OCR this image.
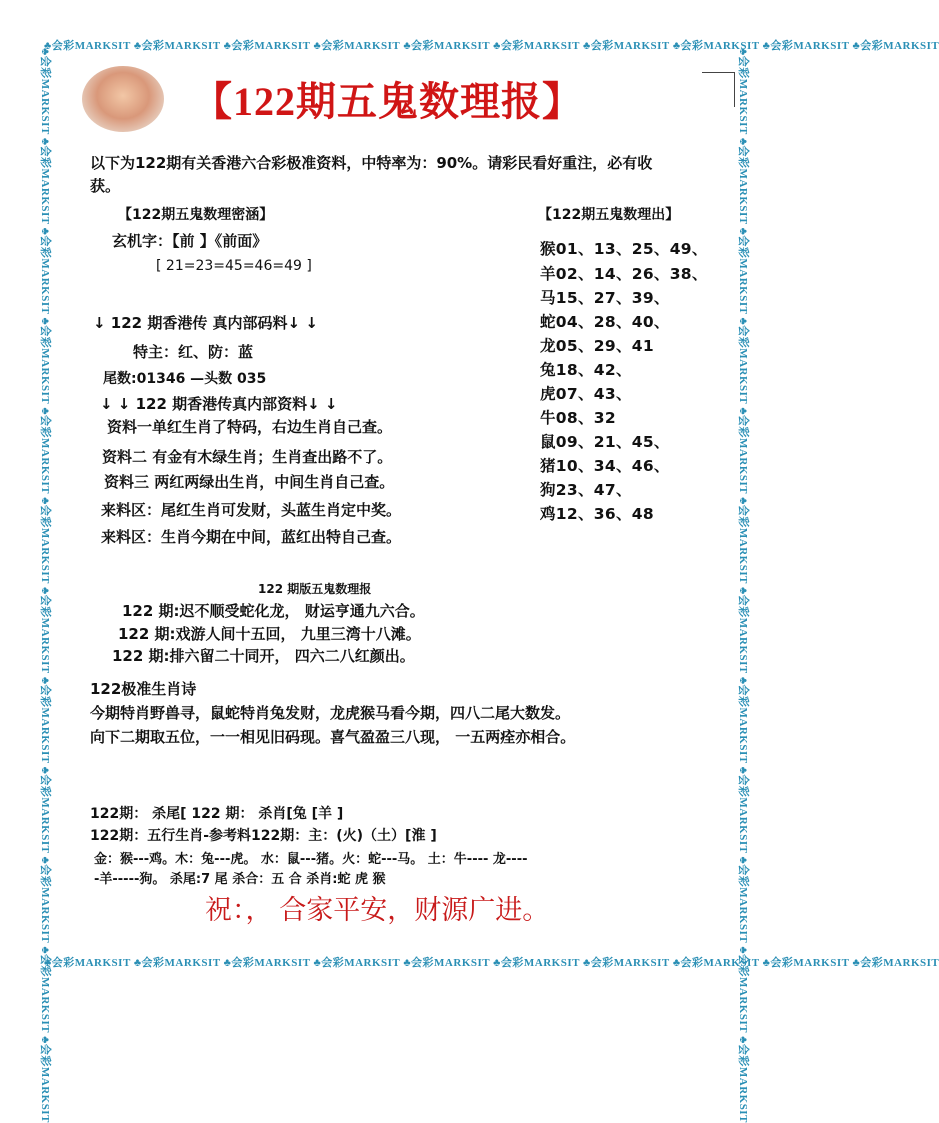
♣会彩MARKSIT ♣会彩MARKSIT ♣会彩MARKSIT ♣会彩MARKSIT ♣会彩MARKSIT ♣会彩MARKSIT ♣会彩MARKSIT ♣会彩MARKSIT ♣会彩MARKSIT ♣会彩MARKSIT
♣会彩MARKSIT ♣会彩MARKSIT ♣会彩MARKSIT ♣会彩MARKSIT ♣会彩MARKSIT ♣会彩MARKSIT ♣会彩MARKSIT ♣会彩MARKSIT ♣会彩MARKSIT ♣会彩MARKSIT
♣会彩MARKSIT ♣会彩MARKSIT ♣会彩MARKSIT ♣会彩MARKSIT ♣会彩MARKSIT ♣会彩MARKSIT ♣会彩MARKSIT ♣会彩MARKSIT ♣会彩MARKSIT ♣会彩MARKSIT ♣会彩MARKSIT ♣会彩MARKSIT	♣会彩MARKSIT ♣会彩MARKSIT ♣会彩MARKSIT ♣会彩MARKSIT ♣会彩MARKSIT ♣会彩MARKSIT ♣会彩MARKSIT ♣会彩MARKSIT ♣会彩MARKSIT ♣会彩MARKSIT ♣会彩MARKSIT ♣会彩MARKSIT
【122期五鬼数理报】
以下为122期有关香港六合彩极准资料，中特率为：90%。请彩民看好重注，必有收
获。
【122期五鬼数理密涵】
玄机字：【前 】《前面》
[ 21=23=45=46=49 ]
↓ 122 期香港传 真内部码料↓ ↓
特主：红、防：蓝
尾数:01346 —头数 035
↓ ↓ 122 期香港传真内部资料↓ ↓
资料一单红生肖了特码，右边生肖自己查。
资料二 有金有木绿生肖；生肖查出路不了。
资料三 两红两绿出生肖，中间生肖自己查。
来料区：尾红生肖可发财，头蓝生肖定中奖。
来料区：生肖今期在中间，蓝红出特自己查。
【122期五鬼数理出】
猴01、13、25、49、
羊02、14、26、38、
马15、27、39、
蛇04、28、40、
龙05、29、41
兔18、42、
虎07、43、
牛08、32
鼠09、21、45、
猪10、34、46、
狗23、47、
鸡12、36、48
122 期版五鬼数理报
122 期:迟不顺受蛇化龙， 财运亨通九六合。
122 期:戏游人间十五回， 九里三湾十八滩。
122 期:排六留二十同开， 四六二八红颜出。
122极准生肖诗
今期特肖野兽寻，鼠蛇特肖兔发财，龙虎猴马看今期，四八二尾大数发。
向下二期取五位，一一相见旧码现。喜气盈盈三八现， 一五两痊亦相合。
122期： 杀尾[ 122 期： 杀肖[兔 [羊 ]
122期：五行生肖-参考料122期：主：(火)（土）[淮 ]
金：猴---鸡。木：兔---虎。 水：鼠---猪。火：蛇---马。 土：牛---- 龙----
-羊-----狗。 杀尾:7 尾 杀合：五 合 杀肖:蛇 虎 猴
祝：， 合家平安，财源广进。
